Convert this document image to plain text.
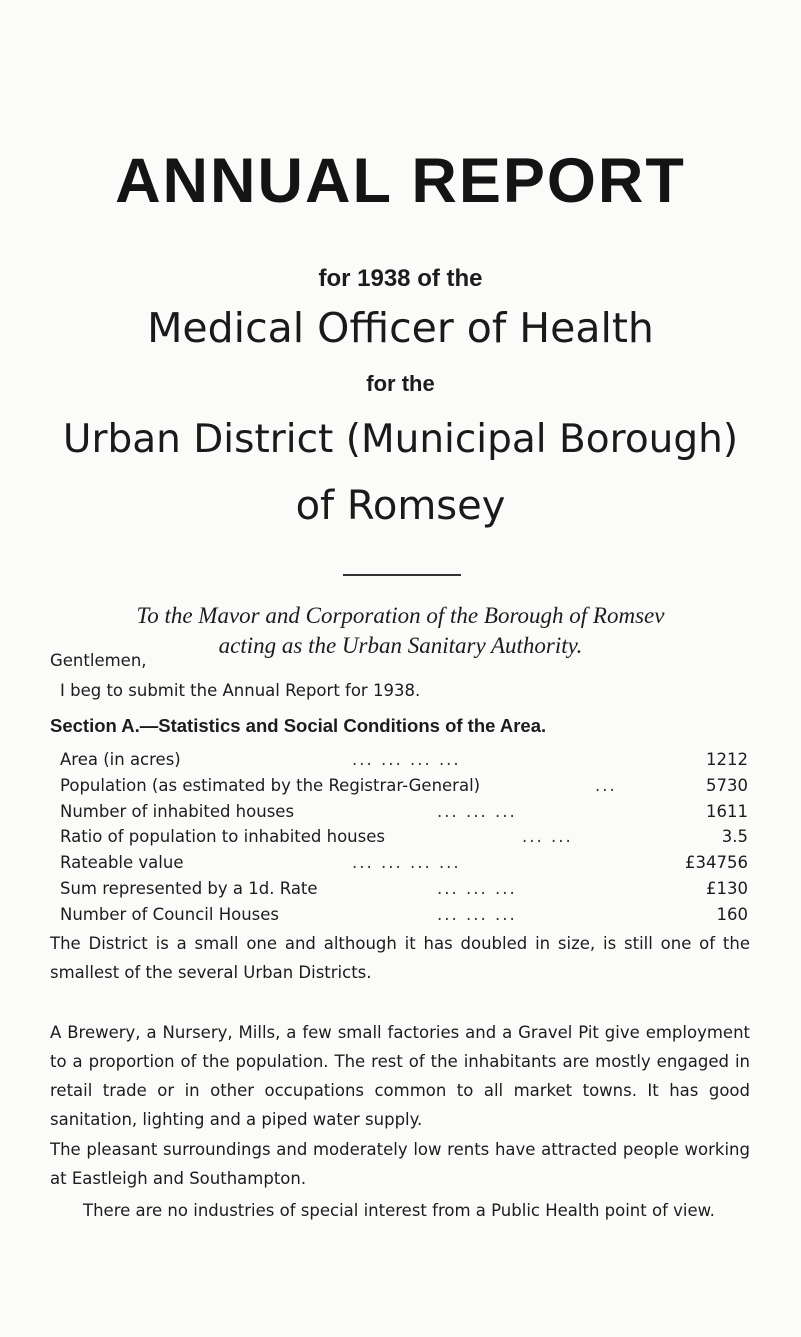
ANNUAL REPORT
for 1938 of the
Medical Officer of Health
for the
Urban District (Municipal Borough)
of Romsey
To the Mavor and Corporation of the Borough of Romsev
acting as the Urban Sanitary Authority.
Gentlemen,
I beg to submit the Annual Report for 1938.
Section A.—Statistics and Social Conditions of the Area.
Area (in acres)	... ... ... ...	1212
Population (as estimated by the Registrar-General)	...	5730
Number of inhabited houses	... ... ...	1611
Ratio of population to inhabited houses	... ...	3.5
Rateable value	... ... ... ...	£34756
Sum represented by a 1d. Rate	... ... ...	£130
Number of Council Houses	... ... ...	160
The District is a small one and although it has doubled in size, is still one of the smallest of the several Urban Districts.
A Brewery, a Nursery, Mills, a few small factories and a Gravel Pit give employment to a proportion of the population. The rest of the inhabitants are mostly engaged in retail trade or in other occupations common to all market towns. It has good sanitation, lighting and a piped water supply.
The pleasant surroundings and moderately low rents have attracted people working at Eastleigh and Southampton.
There are no industries of special interest from a Public Health point of view.
